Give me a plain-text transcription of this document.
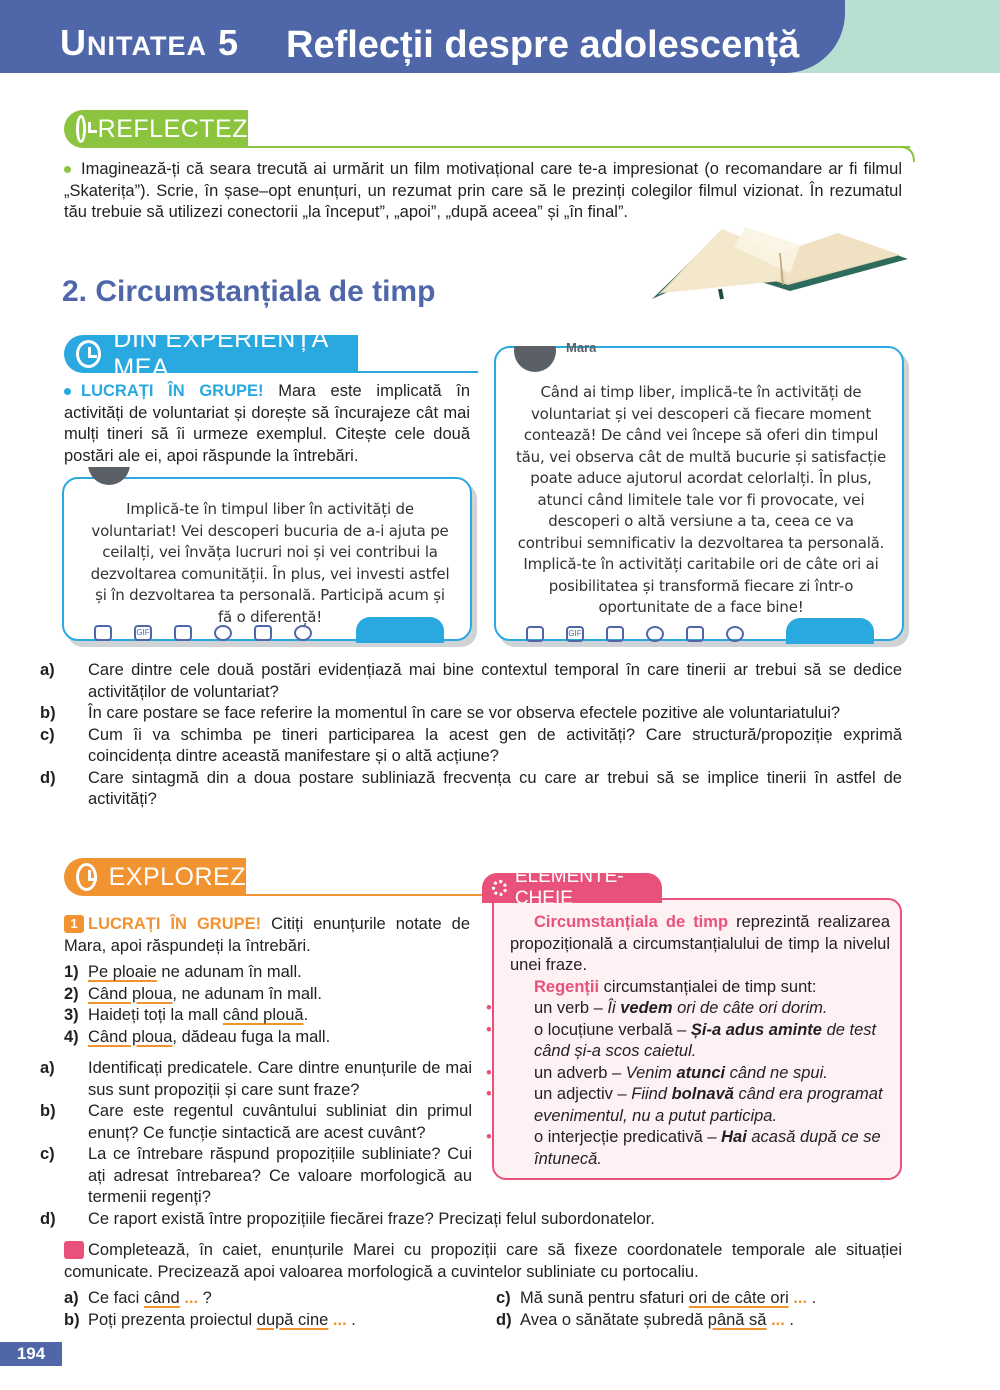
UNITATEA 5 Reflecții despre adolescență
REFLECTEZ
Imaginează-ți că seara trecută ai urmărit un film motivațional care te-a impresionat (o recomandare ar fi filmul „Skaterița”). Scrie, în șase–opt enunțuri, un rezumat prin care să le prezinți colegilor filmul vizionat. În rezumatul tău trebuie să utilizezi conectorii „la început”, „apoi”, „după aceea” și „în final”.
2. Circumstanțiala de timp
DIN EXPERIENȚA MEA
LUCRAȚI ÎN GRUPE! Mara este implicată în activități de voluntariat și dorește să încurajeze cât mai mulți tineri să îi urmeze exemplul. Citește cele două postări ale ei, apoi răspunde la întrebări.
Implică-te în timpul liber în activități de voluntariat! Vei descoperi bucuria de a-i ajuta pe ceilalți, vei învăța lucruri noi și vei contribui la dezvoltarea comunității. În plus, vei investi astfel și în dezvoltarea ta personală. Participă acum și fă o diferență!
GIF
Mara
Când ai timp liber, implică-te în activități de voluntariat și vei descoperi că fiecare moment contează! De când vei începe să oferi din timpul tău, vei observa cât de multă bucurie și satisfacție poate aduce ajutorul acordat celorlalți. În plus, atunci când limitele tale vor fi provocate, vei descoperi o altă versiune a ta, ceea ce va contribui semnificativ la dezvoltarea ta personală. Implică-te în activități caritabile ori de câte ori ai posibilitatea și transformă fiecare zi într-o oportunitate de a face bine!
GIF
a) Care dintre cele două postări evidențiază mai bine contextul temporal în care tinerii ar trebui să se dedice activităților de voluntariat?
b) În care postare se face referire la momentul în care se vor observa efectele pozitive ale voluntariatului?
c) Cum îi va schimba pe tineri participarea la acest gen de activități? Care structură/propoziție exprimă coincidența dintre această manifestare și o altă acțiune?
d) Care sintagmă din a doua postare subliniază frecvența cu care ar trebui să se implice tinerii în astfel de activități?
EXPLOREZ
1 LUCRAȚI ÎN GRUPE! Citiți enunțurile notate de Mara, apoi răspundeți la întrebări.
1) Pe ploaie ne adunam în mall.
2) Când ploua, ne adunam în mall.
3) Haideți toți la mall când plouă.
4) Când ploua, dădeau fuga la mall.
a) Identificați predicatele. Care dintre enunțurile de mai sus sunt propoziții și care sunt fraze?
b) Care este regentul cuvântului subliniat din primul enunț? Ce funcție sintactică are acest cuvânt?
c) La ce întrebare răspund propozițiile subliniate? Cui ați adresat întrebarea? Ce valoare morfologică au termenii regenți?
d) Ce raport există între propozițiile fiecărei fraze? Precizați felul subordonatelor.
2 Completează, în caiet, enunțurile Marei cu propoziții care să fixeze coordonatele temporale ale situației comunicate. Precizează apoi valoarea morfologică a cuvintelor subliniate cu portocaliu.
a) Ce faci când ... ?
b) Poți prezenta proiectul după cine ... .
c) Mă sună pentru sfaturi ori de câte ori ... .
d) Avea o sănătate șubredă până să ... .
ELEMENTE-CHEIE
Circumstanțiala de timp reprezintă realizarea propozițională a circumstanțialului de timp la nivelul unei fraze.
Regenții circumstanțialei de timp sunt:
•	un verb – Îi vedem ori de câte ori dorim.
•	o locuțiune verbală – Și-a adus aminte de test când și-a scos caietul.
•	un adverb – Venim atunci când ne spui.
•	un adjectiv – Fiind bolnavă când era programat evenimentul, nu a putut participa.
•	o interjecție predicativă – Hai acasă după ce se întunecă.
194
